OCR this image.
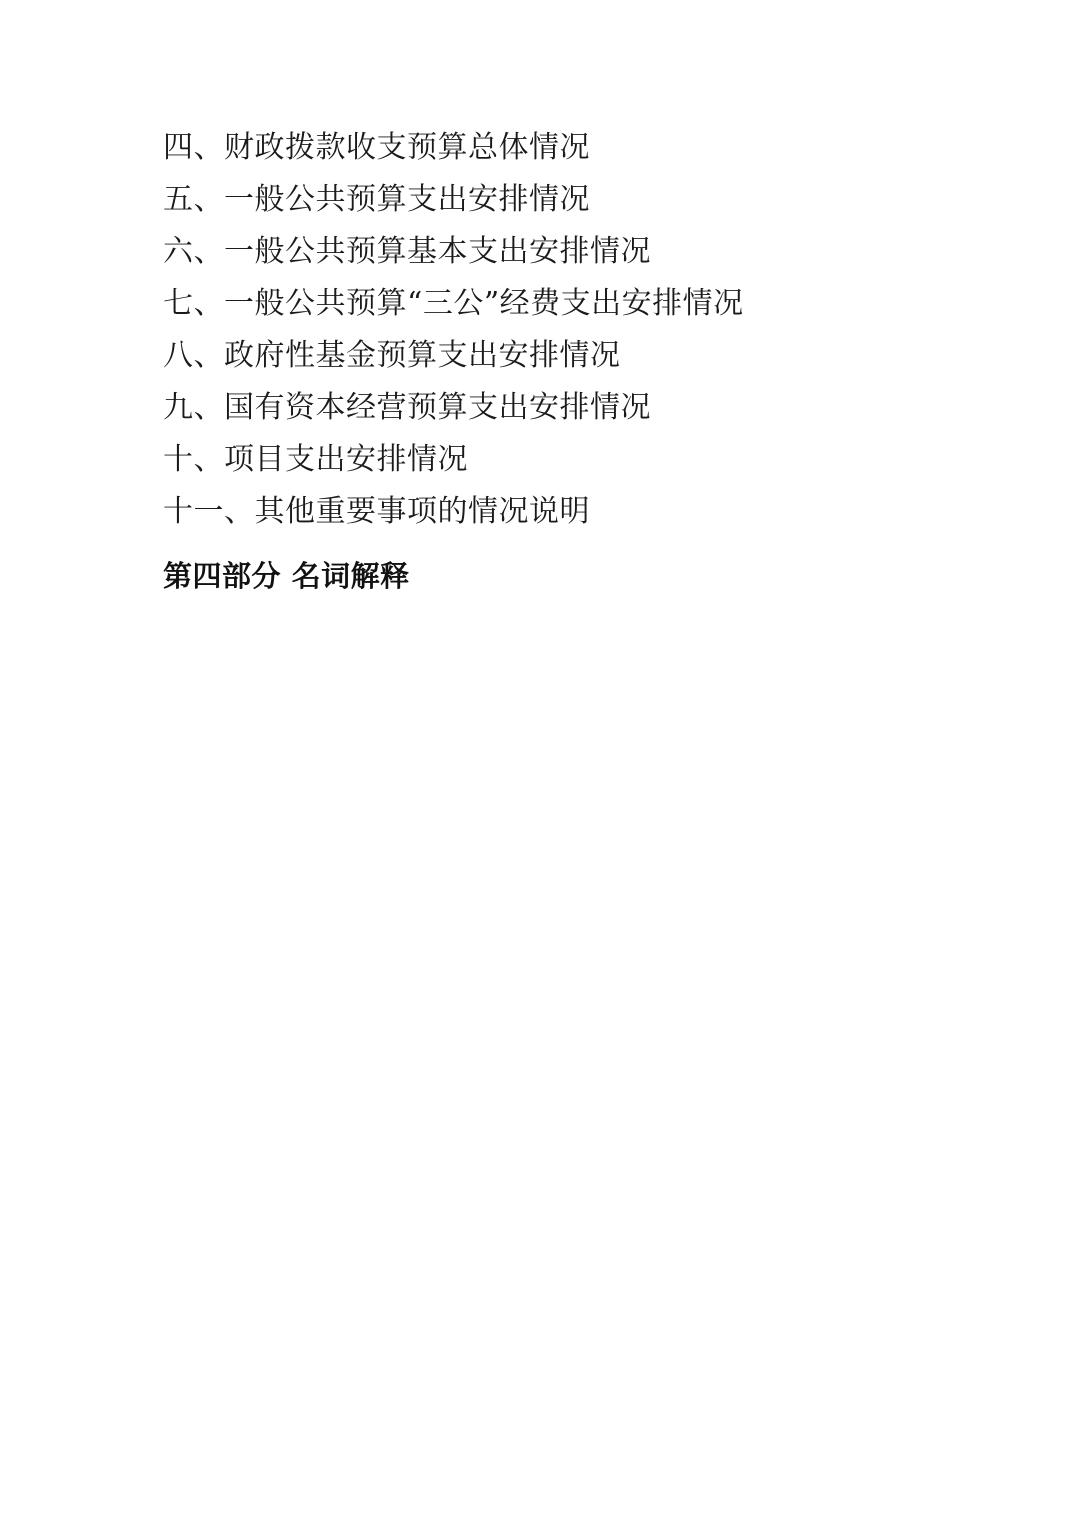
四、财政拨款收支预算总体情况
五、一般公共预算支出安排情况
六、一般公共预算基本支出安排情况
七、一般公共预算“三公”经费支出安排情况
八、政府性基金预算支出安排情况
九、国有资本经营预算支出安排情况
十、项目支出安排情况
十一、其他重要事项的情况说明
第四部分 名词解释
